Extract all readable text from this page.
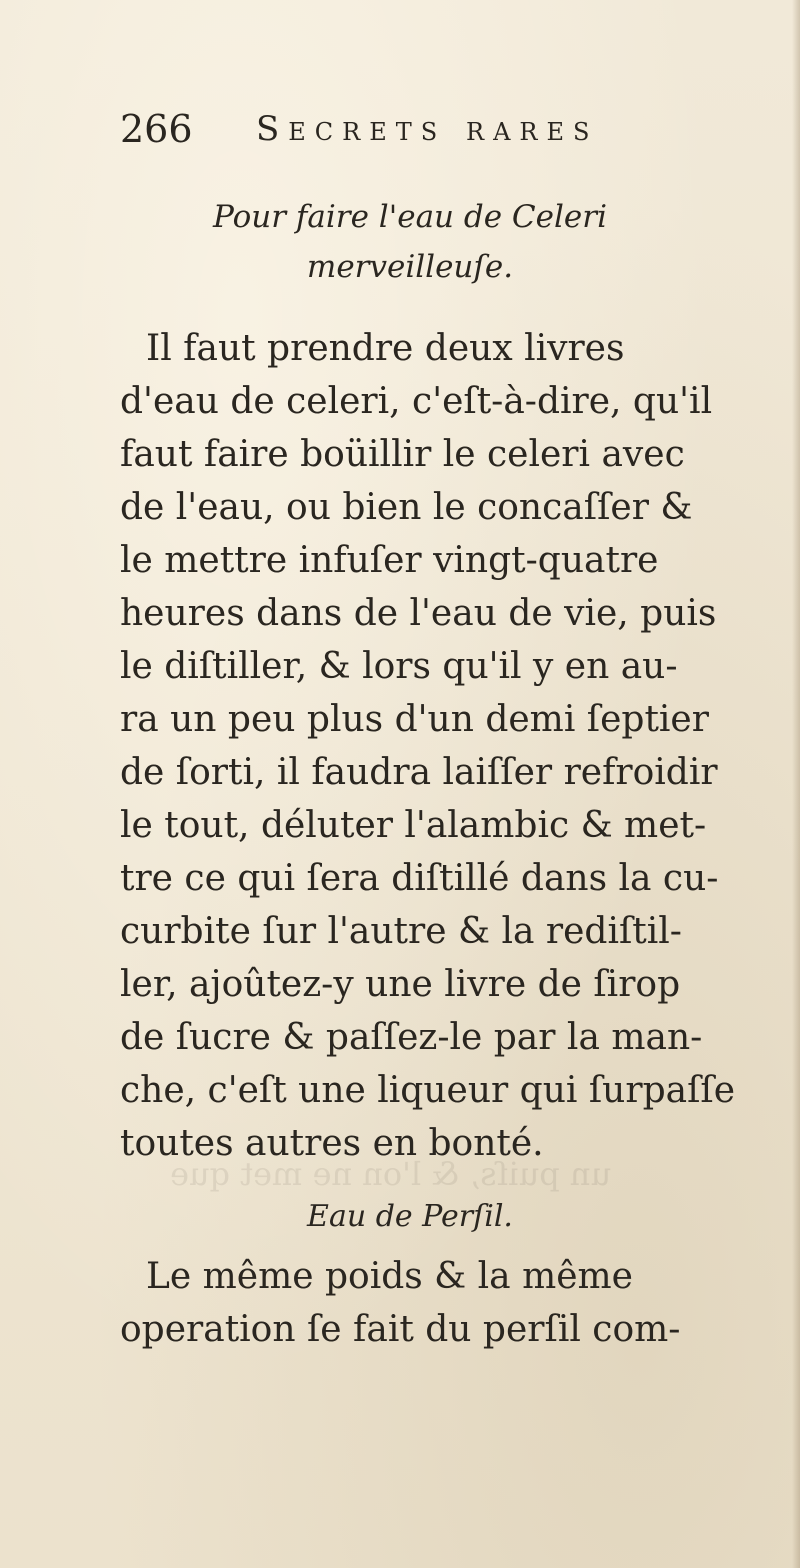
un puiſs, & l'on ne met que
266 Secrets rares
Pour faire l'eau de Celeri
merveilleuſe.
Il faut prendre deux livres
d'eau de celeri, c'eſt-à-dire, qu'il
faut faire boüillir le celeri avec
de l'eau, ou bien le concaſſer &
le mettre infuſer vingt-quatre
heures dans de l'eau de vie, puis
le diſtiller, & lors qu'il y en au-
ra un peu plus d'un demi ſeptier
de ſorti, il faudra laiſſer refroidir
le tout, déluter l'alambic & met-
tre ce qui ſera diſtillé dans la cu-
curbite ſur l'autre & la rediſtil-
ler, ajoûtez-y une livre de ſirop
de ſucre & paſſez-le par la man-
che, c'eſt une liqueur qui ſurpaſſe
toutes autres en bonté.
Eau de Perſil.
Le même poids & la même
operation ſe fait du perſil com-
